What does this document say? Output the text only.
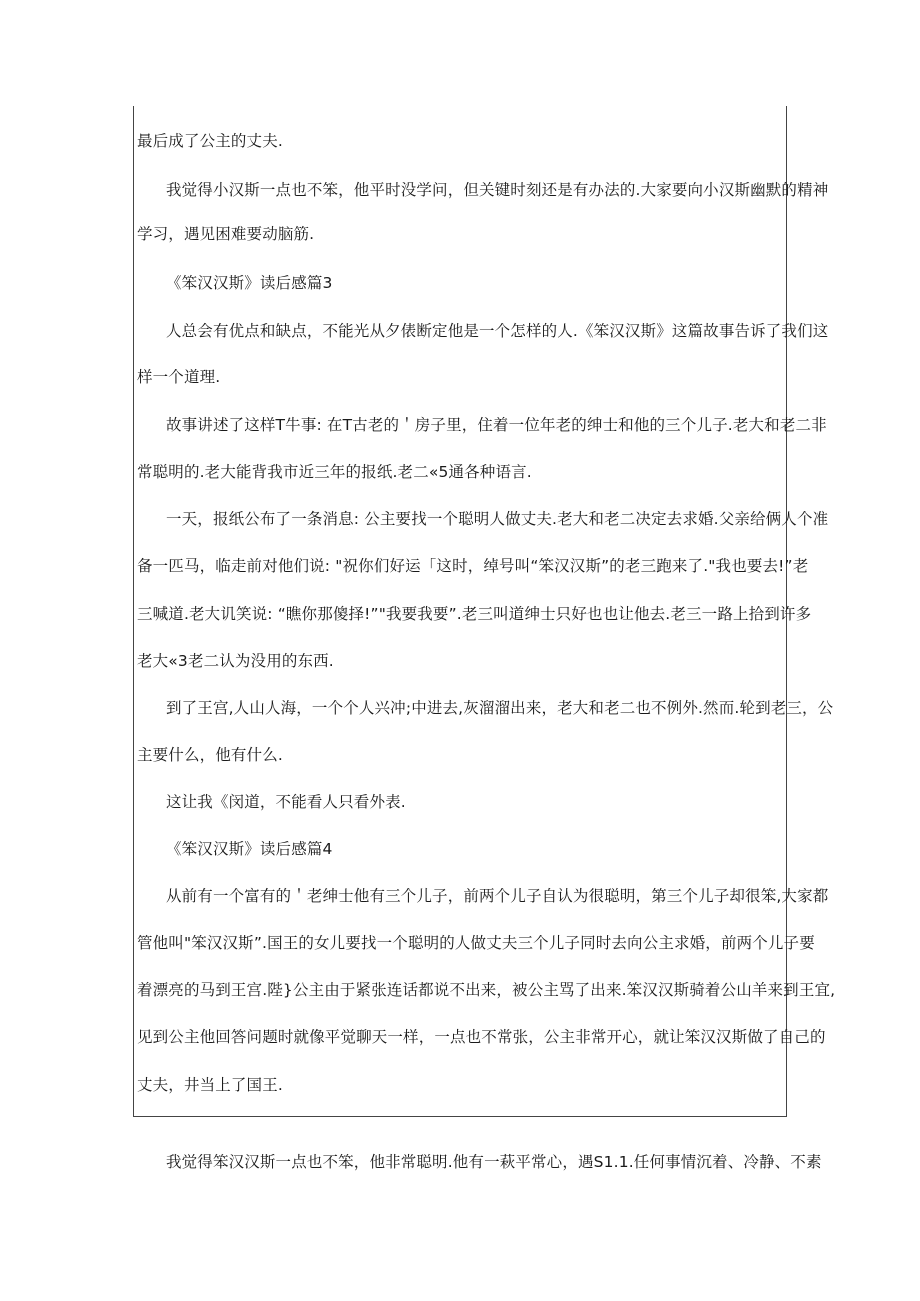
最后成了公主的丈夫.
我觉得小汉斯一点也不笨，他平时没学问，但关键时刻还是有办法的.大家要向小汉斯幽默的精神
学习，遇见困难要动脑筋.
《笨汉汉斯》读后感篇3
人总会有优点和缺点，不能光从夕俵断定他是一个怎样的人.《笨汉汉斯》这篇故事告诉了我们这
样一个道理.
故事讲述了这样T牛事: 在T古老的＇房子里，住着一位年老的绅士和他的三个儿子.老大和老二非
常聪明的.老大能背我市近三年的报纸.老二«5通各种语言.
一天，报纸公布了一条消息: 公主要找一个聪明人做丈夫.老大和老二决定去求婚.父亲给俩人个准
备一匹马，临走前对他们说: "祝你们好运「这时，绰号叫“笨汉汉斯”的老三跑来了."我也要去!”老
三喊道.老大讥笑说: “瞧你那傻择!”"我要我要”.老三叫道绅士只好也也让他去.老三一路上拾到许多
老大«3老二认为没用的东西.
到了王宫,人山人海，一个个人兴冲;中进去,灰溜溜出来，老大和老二也不例外.然而.轮到老三，公
主要什么，他有什么.
这让我《闵道，不能看人只看外表.
《笨汉汉斯》读后感篇4
从前有一个富有的＇老绅士他有三个儿子，前两个儿子自认为很聪明，第三个儿子却很笨,大家都
管他叫"笨汉汉斯”.国王的女儿要找一个聪明的人做丈夫三个儿子同时去向公主求婚，前两个儿子要
着漂亮的马到王宫.陛}公主由于紧张连话都说不出来，被公主骂了出来.笨汉汉斯骑着公山羊来到王宜,
见到公主他回答问题时就像平觉聊天一样，一点也不常张，公主非常开心，就让笨汉汉斯做了自己的
丈夫，井当上了国王.
我觉得笨汉汉斯一点也不笨，他非常聪明.他有一萩平常心，遇S1.1.任何事情沉着、冷静、不素
